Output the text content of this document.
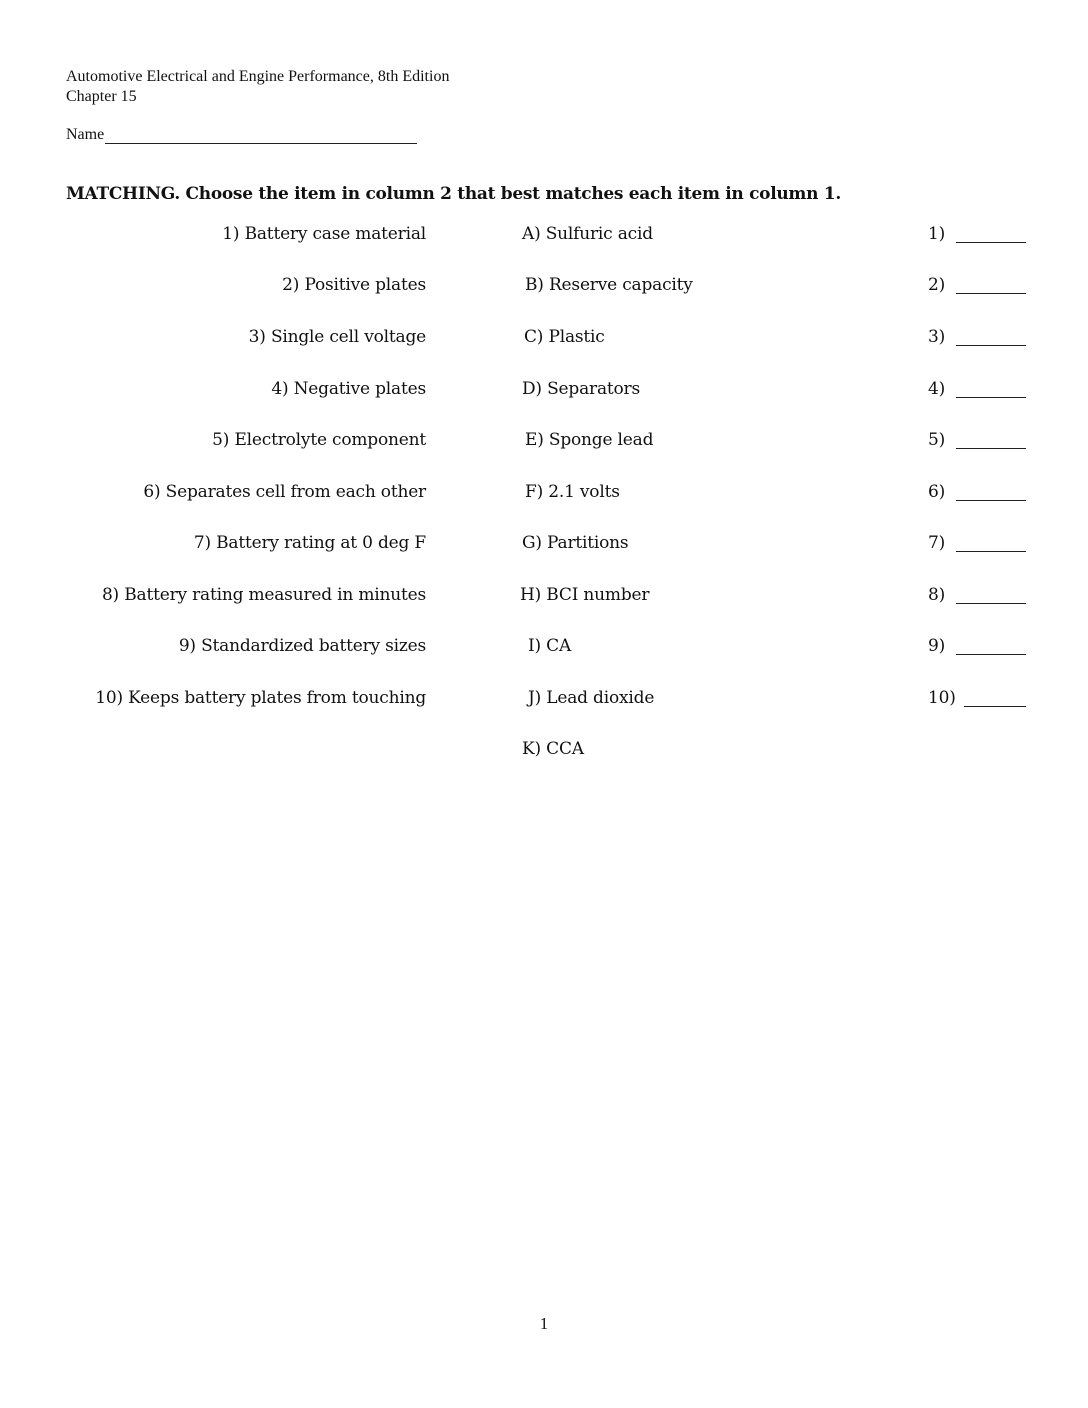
Automotive Electrical and Engine Performance, 8th Edition
Chapter 15
Name
MATCHING. Choose the item in column 2 that best matches each item in column 1.
1) Battery case material	A) Sulfuric acid	1)
2) Positive plates	B) Reserve capacity	2)
3) Single cell voltage	C) Plastic	3)
4) Negative plates	D) Separators	4)
5) Electrolyte component	E) Sponge lead	5)
6) Separates cell from each other	F) 2.1 volts	6)
7) Battery rating at 0 deg F	G) Partitions	7)
8) Battery rating measured in minutes	H) BCI number	8)
9) Standardized battery sizes	I) CA	9)
10) Keeps battery plates from touching	J) Lead dioxide	10)
K) CCA
1
